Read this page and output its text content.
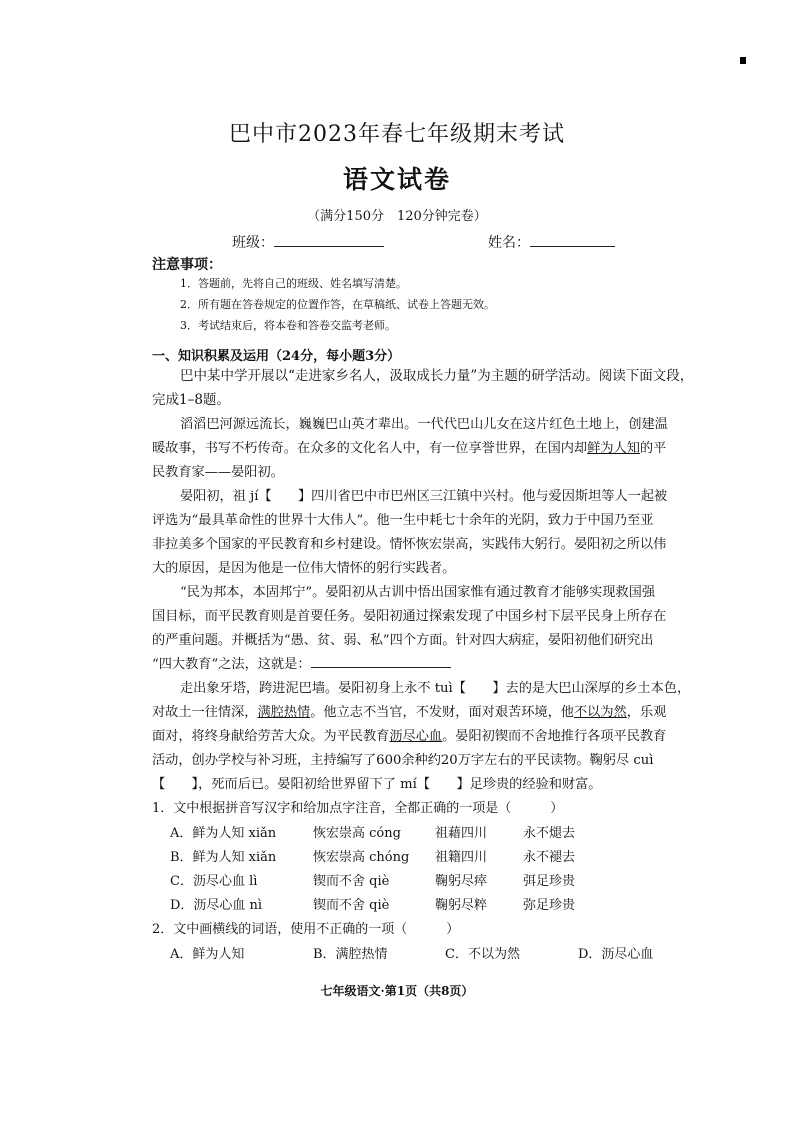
巴中市2023年春七年级期末考试
语文试卷
（满分150分　120分钟完卷）
班级：	姓名：
注意事项：
1．答题前，先将自己的班级、姓名填写清楚。
2．所有题在答卷规定的位置作答，在草稿纸、试卷上答题无效。
3．考试结束后，将本卷和答卷交监考老师。
一、知识积累及运用（24分，每小题3分）
巴中某中学开展以“走进家乡名人，汲取成长力量”为主题的研学活动。阅读下面文段，
完成1–8题。
滔滔巴河源远流长，巍巍巴山英才辈出。一代代巴山儿女在这片红色土地上，创建温
暖故事，书写不朽传奇。在众多的文化名人中，有一位享誉世界，在国内却鲜为人知的平
民教育家——晏阳初。
晏阳初，祖 jí【　　】四川省巴中市巴州区三江镇中兴村。他与爱因斯坦等人一起被
评选为“最具革命性的世界十大伟人”。他一生中耗七十余年的光阴，致力于中国乃至亚
非拉美多个国家的平民教育和乡村建设。情怀恢宏崇高，实践伟大躬行。晏阳初之所以伟
大的原因，是因为他是一位伟大情怀的躬行实践者。
“民为邦本，本固邦宁”。晏阳初从古训中悟出国家惟有通过教育才能够实现救国强
国目标，而平民教育则是首要任务。晏阳初通过探索发现了中国乡村下层平民身上所存在
的严重问题。并概括为“愚、贫、弱、私”四个方面。针对四大病症，晏阳初他们研究出
“四大教育”之法，这就是：
走出象牙塔，跨进泥巴墙。晏阳初身上永不 tuì【　　】去的是大巴山深厚的乡土本色，
对故土一往情深，满腔热情。他立志不当官，不发财，面对艰苦环境，他不以为然，乐观
面对，将终身献给劳苦大众。为平民教育沥尽心血。晏阳初锲而不舍地推行各项平民教育
活动，创办学校与补习班，主持编写了600余种约20万字左右的平民读物。鞠躬尽 cuì
【　　】，死而后已。晏阳初给世界留下了 mí【　　】足珍贵的经验和财富。
1．文中根据拼音写汉字和给加点字注音，全都正确的一项是（　　　）
A．鲜为人知 xiǎn	恢宏崇高 cóng	祖藉四川	永不煺去
B．鲜为人知 xiǎn	恢宏崇高 chóng 祖籍四川	永不褪去
C．沥尽心血 lì	锲而不舍 qiè	鞠躬尽瘁	弭足珍贵
D．沥尽心血 nì	锲而不舍 qiè	鞠躬尽粹	弥足珍贵
2．文中画横线的词语，使用不正确的一项（　　　）
A．鲜为人知	B．满腔热情	C．不以为然	D．沥尽心血
七年级语文·第1页（共8页）
